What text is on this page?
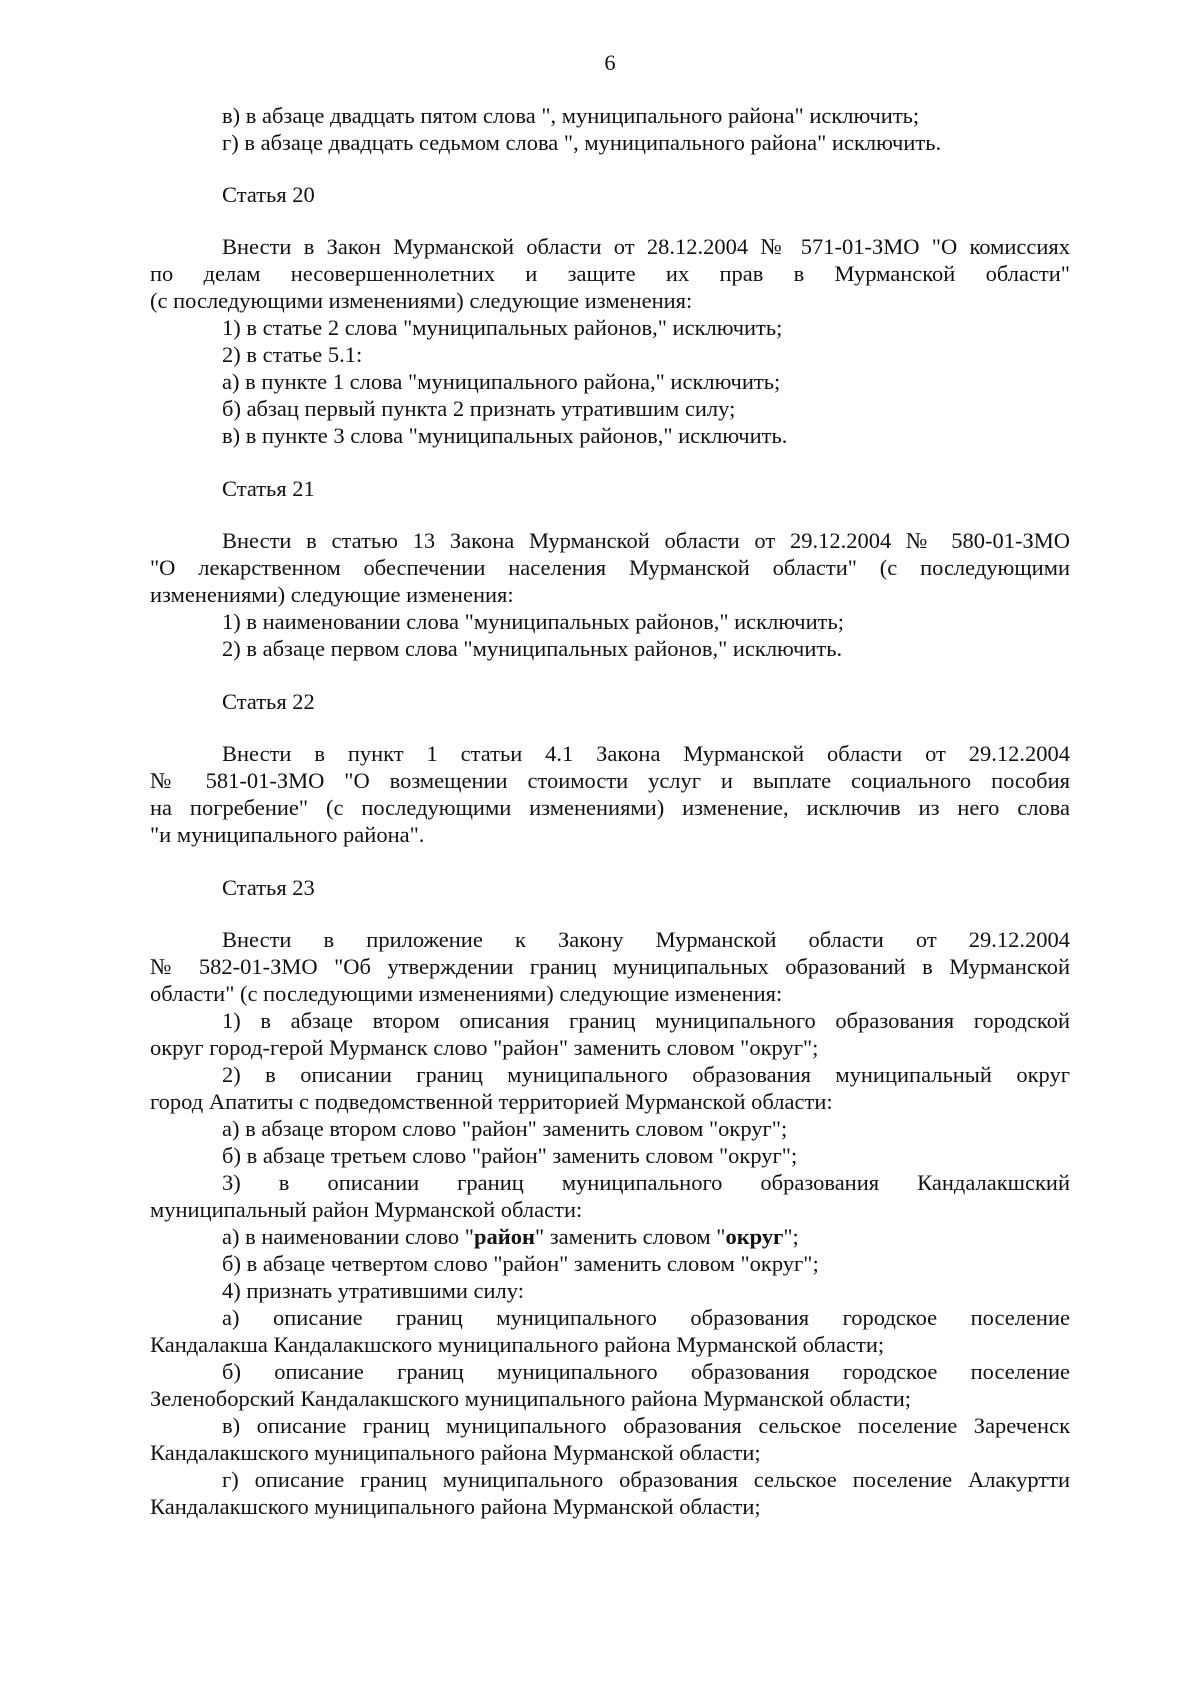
6
в) в абзаце двадцать пятом слова ", муниципального района" исключить;
г) в абзаце двадцать седьмом слова ", муниципального района" исключить.
Статья 20
Внести в Закон Мурманской области от 28.12.2004 № 571-01-ЗМО "О комиссиях
по делам несовершеннолетних и защите их прав в Мурманской области"
(с последующими изменениями) следующие изменения:
1) в статье 2 слова "муниципальных районов," исключить;
2) в статье 5.1:
а) в пункте 1 слова "муниципального района," исключить;
б) абзац первый пункта 2 признать утратившим силу;
в) в пункте 3 слова "муниципальных районов," исключить.
Статья 21
Внести в статью 13 Закона Мурманской области от 29.12.2004 № 580-01-ЗМО
"О лекарственном обеспечении населения Мурманской области" (с последующими
изменениями) следующие изменения:
1) в наименовании слова "муниципальных районов," исключить;
2) в абзаце первом слова "муниципальных районов," исключить.
Статья 22
Внести в пункт 1 статьи 4.1 Закона Мурманской области от 29.12.2004
№ 581-01-ЗМО "О возмещении стоимости услуг и выплате социального пособия
на погребение" (с последующими изменениями) изменение, исключив из него слова
"и муниципального района".
Статья 23
Внести в приложение к Закону Мурманской области от 29.12.2004
№ 582-01-ЗМО "Об утверждении границ муниципальных образований в Мурманской
области" (с последующими изменениями) следующие изменения:
1) в абзаце втором описания границ муниципального образования городской
округ город-герой Мурманск слово "район" заменить словом "округ";
2) в описании границ муниципального образования муниципальный округ
город Апатиты с подведомственной территорией Мурманской области:
а) в абзаце втором слово "район" заменить словом "округ";
б) в абзаце третьем слово "район" заменить словом "округ";
3) в описании границ муниципального образования Кандалакшский
муниципальный район Мурманской области:
а) в наименовании слово "район" заменить словом "округ";
б) в абзаце четвертом слово "район" заменить словом "округ";
4) признать утратившими силу:
а) описание границ муниципального образования городское поселение
Кандалакша Кандалакшского муниципального района Мурманской области;
б) описание границ муниципального образования городское поселение
Зеленоборский Кандалакшского муниципального района Мурманской области;
в) описание границ муниципального образования сельское поселение Зареченск
Кандалакшского муниципального района Мурманской области;
г) описание границ муниципального образования сельское поселение Алакуртти
Кандалакшского муниципального района Мурманской области;
